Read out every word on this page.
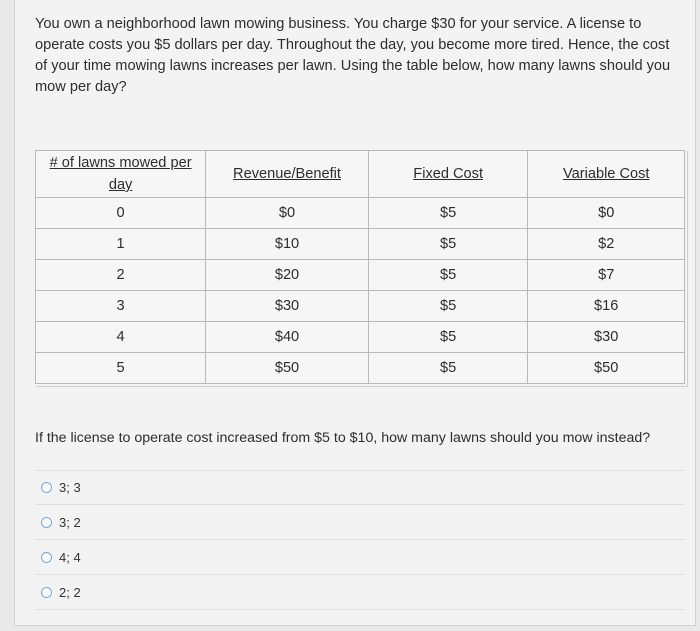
You own a neighborhood lawn mowing business. You charge $30 for your service. A license to operate costs you $5 dollars per day. Throughout the day, you become more tired. Hence, the cost of your time mowing lawns increases per lawn. Using the table below, how many lawns should you mow per day?

# of lawns mowed per day	Revenue/Benefit	Fixed Cost	Variable Cost
0	$0	$5	$0
1	$10	$5	$2
2	$20	$5	$7
3	$30	$5	$16
4	$40	$5	$30
5	$50	$5	$50

If the license to operate cost increased from $5 to $10, how many lawns should you mow instead?

3; 3
3; 2
4; 4
2; 2
